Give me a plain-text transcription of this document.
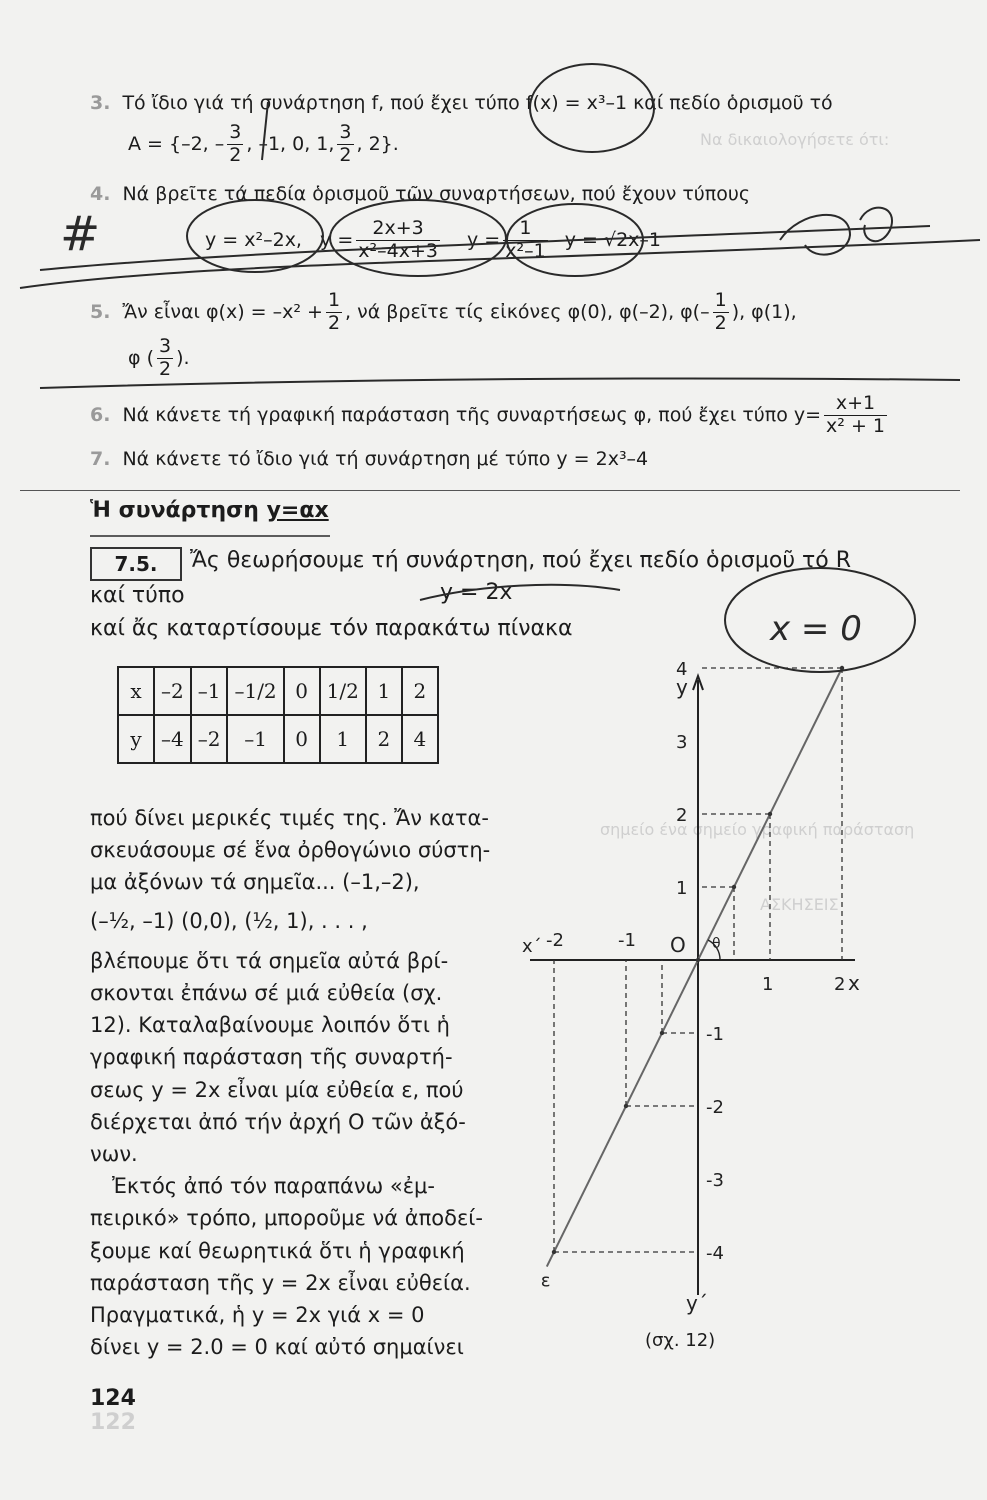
Να δικαιολογήσετε ότι:
σημείο ένα σημείο γραφική παράσταση
ΑΣΚΗΣΕΙΣ
122
3. Τό ἴδιο γιά τή συνάρτηση f, πού ἔχει τύπο f(x) = x³–1 καί πεδίο ὁρισμοῦ τό
A = {–2, – $\frac{3}{2}$ , –1, 0, 1, $\frac{3}{2}$ , 2}.
4. Νά βρεῖτε τά πεδία ὁρισμοῦ τῶν συναρτήσεων, πού ἔχουν τύπους
y = x²–2x, $y = \frac{2x+3}{\text{x²–4x+3}}$ $y = \frac{1}{\text{x²–1}}$ y = √2x–1
5. Ἄν εἶναι $\varphi(x) = -x^2 + \frac{1}{2}$ , νά βρεῖτε τίς εἰκόνες φ(0), φ(–2), $\varphi(- \frac{1}{2}$ ), φ(1),
φ ( $\frac{3}{2}$ ).
6. Νά κάνετε τή γραφική παράσταση τῆς συναρτήσεως φ, πού ἔχει τύπο $y= \frac{x+1}{\text{x² + 1}}$
7. Νά κάνετε τό ἴδιο γιά τή συνάρτηση μέ τύπο y = 2x³–4
Ἡ συνάρτηση y=αx
7.5.	Ἄς θεωρήσουμε τή συνάρτηση, πού ἔχει πεδίο ὁρισμοῦ τό R
καί τύπο	y = 2x
καί ἄς καταρτίσουμε τόν παρακάτω πίνακα
x	–2	–1	–1/2	0	1/2	1	2
y	–4	–2	–1	0	1	2	4
πού δίνει μερικές τιμές της. Ἄν κατα-
σκευάσουμε σέ ἕνα ὀρθογώνιο σύστη-
μα ἀξόνων τά σημεῖα... (–1,–2),
(–½, –1) (0,0), (½, 1), . . . ,
βλέπουμε ὅτι τά σημεῖα αὐτά βρί-
σκονται ἐπάνω σέ μιά εὐθεία (σχ.
12). Καταλαβαίνουμε λοιπόν ὅτι ἡ
γραφική παράσταση τῆς συναρτή-
σεως y = 2x εἶναι μία εὐθεία ε, πού
διέρχεται ἀπό τήν ἀρχή Ο τῶν ἀξό-
νων.
Ἐκτός ἀπό τόν παραπάνω «ἐμ-
πειρικό» τρόπο, μποροῦμε νά ἀποδεί-
ξουμε καί θεωρητικά ὅτι ἡ γραφική
παράσταση τῆς y = 2x εἶναι εὐθεία.
Πραγματικά, ἡ y = 2x γιά x = 0
δίνει y = 2.0 = 0 καί αὐτό σημαίνει
-2	-1
1	2
4
3
2
1
-1
-2
-3
-4
x
x΄
y
y΄
O θ
ε
(σχ. 12)
#
x = 0
124
